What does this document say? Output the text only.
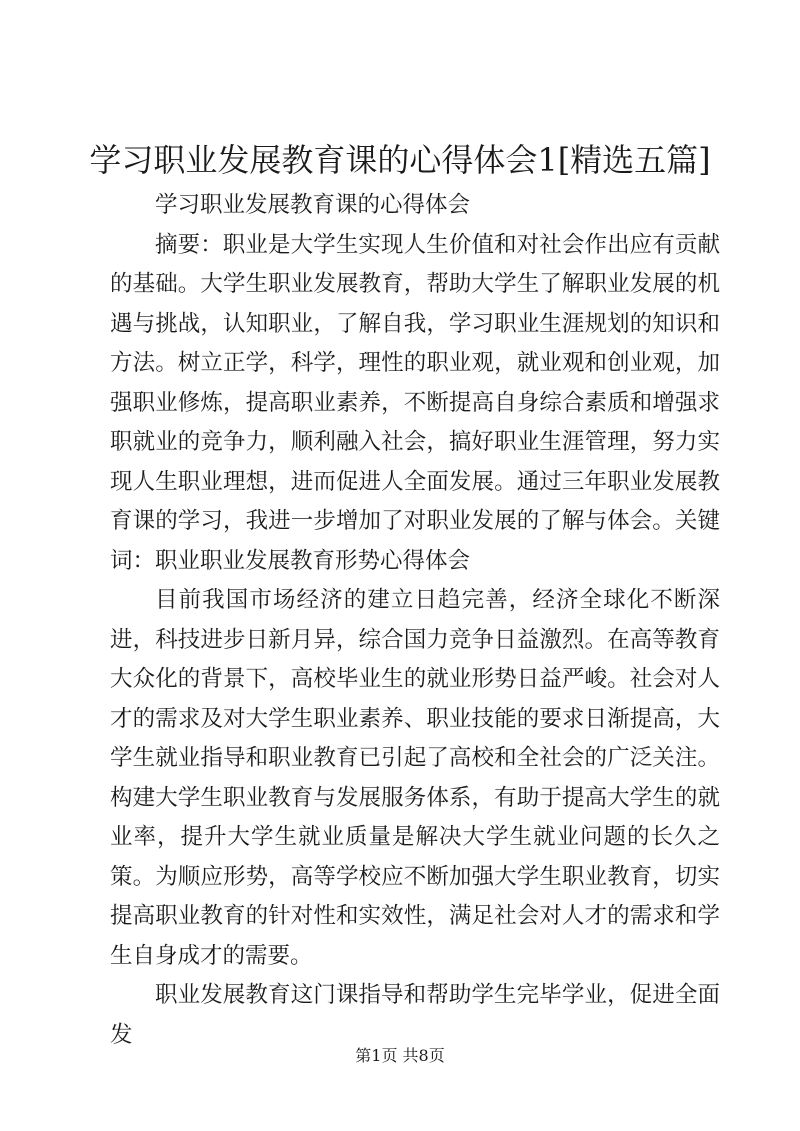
学习职业发展教育课的心得体会1[精选五篇]

学习职业发展教育课的心得体会

摘要：职业是大学生实现人生价值和对社会作出应有贡献的基础。大学生职业发展教育，帮助大学生了解职业发展的机遇与挑战，认知职业，了解自我，学习职业生涯规划的知识和方法。树立正学，科学，理性的职业观，就业观和创业观，加强职业修炼，提高职业素养，不断提高自身综合素质和增强求职就业的竞争力，顺利融入社会，搞好职业生涯管理，努力实现人生职业理想，进而促进人全面发展。通过三年职业发展教育课的学习，我进一步增加了对职业发展的了解与体会。关键词：职业职业发展教育形势心得体会

目前我国市场经济的建立日趋完善，经济全球化不断深进，科技进步日新月异，综合国力竞争日益激烈。在高等教育大众化的背景下，高校毕业生的就业形势日益严峻。社会对人才的需求及对大学生职业素养、职业技能的要求日渐提高，大学生就业指导和职业教育已引起了高校和全社会的广泛关注。构建大学生职业教育与发展服务体系，有助于提高大学生的就业率，提升大学生就业质量是解决大学生就业问题的长久之策。为顺应形势，高等学校应不断加强大学生职业教育，切实提高职业教育的针对性和实效性，满足社会对人才的需求和学生自身成才的需要。

职业发展教育这门课指导和帮助学生完毕学业，促进全面发

第1页 共8页
